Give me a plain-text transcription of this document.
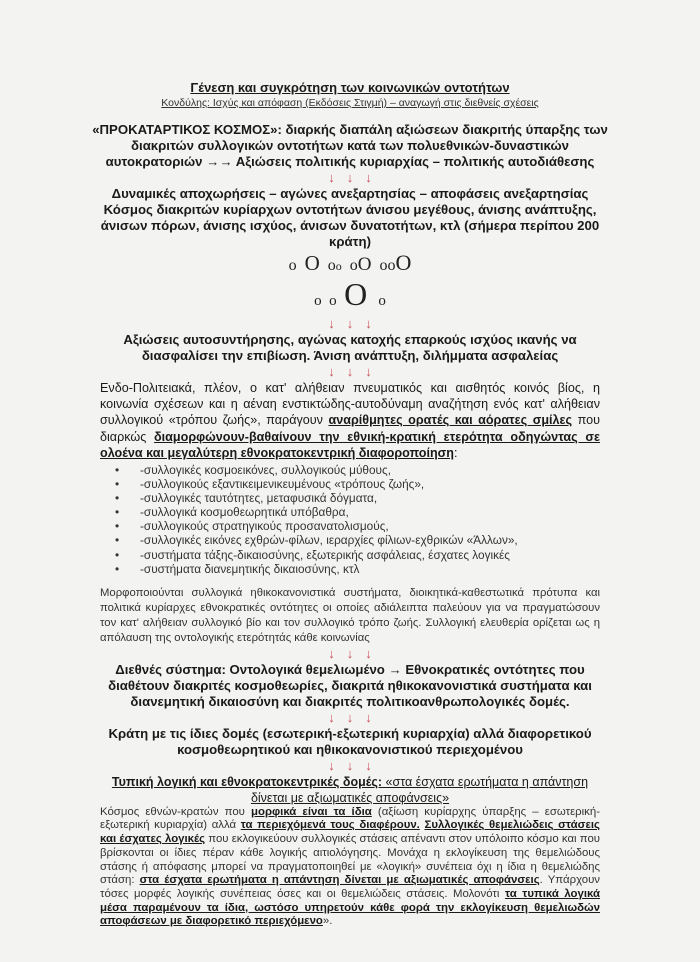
Γένεση και συγκρότηση των κοινωνικών οντοτήτων
Κονδύλης: Ισχύς και απόφαση (Εκδόσεις Στιγμή) – αναγωγή στις διεθνείς σχέσεις
«ΠΡΟΚΑΤΑΡΤΙΚΟΣ ΚΟΣΜΟΣ»: διαρκής διαπάλη αξιώσεων διακριτής ύπαρξης των διακριτών συλλογικών οντοτήτων κατά των πολυεθνικών-δυναστικών αυτοκρατοριών →→ Αξιώσεις πολιτικής κυριαρχίας – πολιτικής αυτοδιάθεσης
↓ ↓ ↓
Δυναμικές αποχωρήσεις – αγώνες ανεξαρτησίας – αποφάσεις ανεξαρτησίας Κόσμος διακριτών κυρίαρχων οντοτήτων άνισου μεγέθους, άνισης ανάπτυξης, άνισων πόρων, άνισης ισχύος, άνισων δυνατοτήτων, κτλ (σήμερα περίπου 200 κράτη)
o O oo oO ooO
o o O o
↓ ↓ ↓
Αξιώσεις αυτοσυντήρησης, αγώνας κατοχής επαρκούς ισχύος ικανής να διασφαλίσει την επιβίωση. Άνιση ανάπτυξη, διλήμματα ασφαλείας
↓ ↓ ↓

Ενδο-Πολιτειακά, πλέον, ο κατ' αλήθειαν πνευματικός και αισθητός κοινός βίος, η κοινωνία σχέσεων και η αέναη ενστικτώδης-αυτοδύναμη αναζήτηση ενός κατ' αλήθειαν συλλογικού «τρόπου ζωής», παράγουν αναρίθμητες ορατές και αόρατες σμίλες που διαρκώς διαμορφώνουν-βαθαίνουν την εθνική-κρατική ετερότητα οδηγώντας σε ολοένα και μεγαλύτερη εθνοκρατοκεντρική διαφοροποίηση:

• -συλλογικές κοσμοεικόνες, συλλογικούς μύθους,
• -συλλογικούς εξαντικειμενικευμένους «τρόπους ζωής»,
• -συλλογικές ταυτότητες, μεταφυσικά δόγματα,
• -συλλογικά κοσμοθεωρητικά υπόβαθρα,
• -συλλογικούς στρατηγικούς προσανατολισμούς,
• -συλλογικές εικόνες εχθρών-φίλων, ιεραρχίες φίλιων-εχθρικών «Άλλων»,
• -συστήματα τάξης-δικαιοσύνης, εξωτερικής ασφάλειας, έσχατες λογικές
• -συστήματα διανεμητικής δικαιοσύνης, κτλ

Μορφοποιούνται συλλογικά ηθικοκανονιστικά συστήματα, διοικητικά-καθεστωτικά πρότυπα και πολιτικά κυρίαρχες εθνοκρατικές οντότητες οι οποίες αδιάλειπτα παλεύουν για να πραγματώσουν τον κατ' αλήθειαν συλλογικό βίο και τον συλλογικό τρόπο ζωής. Συλλογική ελευθερία ορίζεται ως η απόλαυση της οντολογικής ετερότητάς κάθε κοινωνίας

↓ ↓ ↓
Διεθνές σύστημα: Οντολογικά θεμελιωμένο → Εθνοκρατικές οντότητες που διαθέτουν διακριτές κοσμοθεωρίες, διακριτά ηθικοκανονιστικά συστήματα και διανεμητική δικαιοσύνη και διακριτές πολιτικοανθρωπολογικές δομές.
↓ ↓ ↓
Κράτη με τις ίδιες δομές (εσωτερική-εξωτερική κυριαρχία) αλλά διαφορετικού κοσμοθεωρητικού και ηθικοκανονιστικού περιεχομένου
↓ ↓ ↓
Τυπική λογική και εθνοκρατοκεντρικές δομές: «στα έσχατα ερωτήματα η απάντηση δίνεται με αξιωματικές αποφάνσεις»

Κόσμος εθνών-κρατών που μορφικά είναι τα ίδια (αξίωση κυρίαρχης ύπαρξης – εσωτερική-εξωτερική κυριαρχία) αλλά τα περιεχόμενά τους διαφέρουν. Συλλογικές θεμελιώδεις στάσεις και έσχατες λογικές που εκλογικεύουν συλλογικές στάσεις απέναντι στον υπόλοιπο κόσμο και που βρίσκονται οι ίδιες πέραν κάθε λογικής αιτιολόγησης. Μονάχα η εκλογίκευση της θεμελιώδους στάσης ή απόφασης μπορεί να πραγματοποιηθεί με «λογική» συνέπεια όχι η ίδια η θεμελιώδης στάση: στα έσχατα ερωτήματα η απάντηση δίνεται με αξιωματικές αποφάνσεις. Υπάρχουν τόσες μορφές λογικής συνέπειας όσες και οι θεμελιώδεις στάσεις. Μολονότι τα τυπικά λογικά μέσα παραμένουν τα ίδια, ωστόσο υπηρετούν κάθε φορά την εκλογίκευση θεμελιωδών αποφάσεων με διαφορετικό περιεχόμενο».
